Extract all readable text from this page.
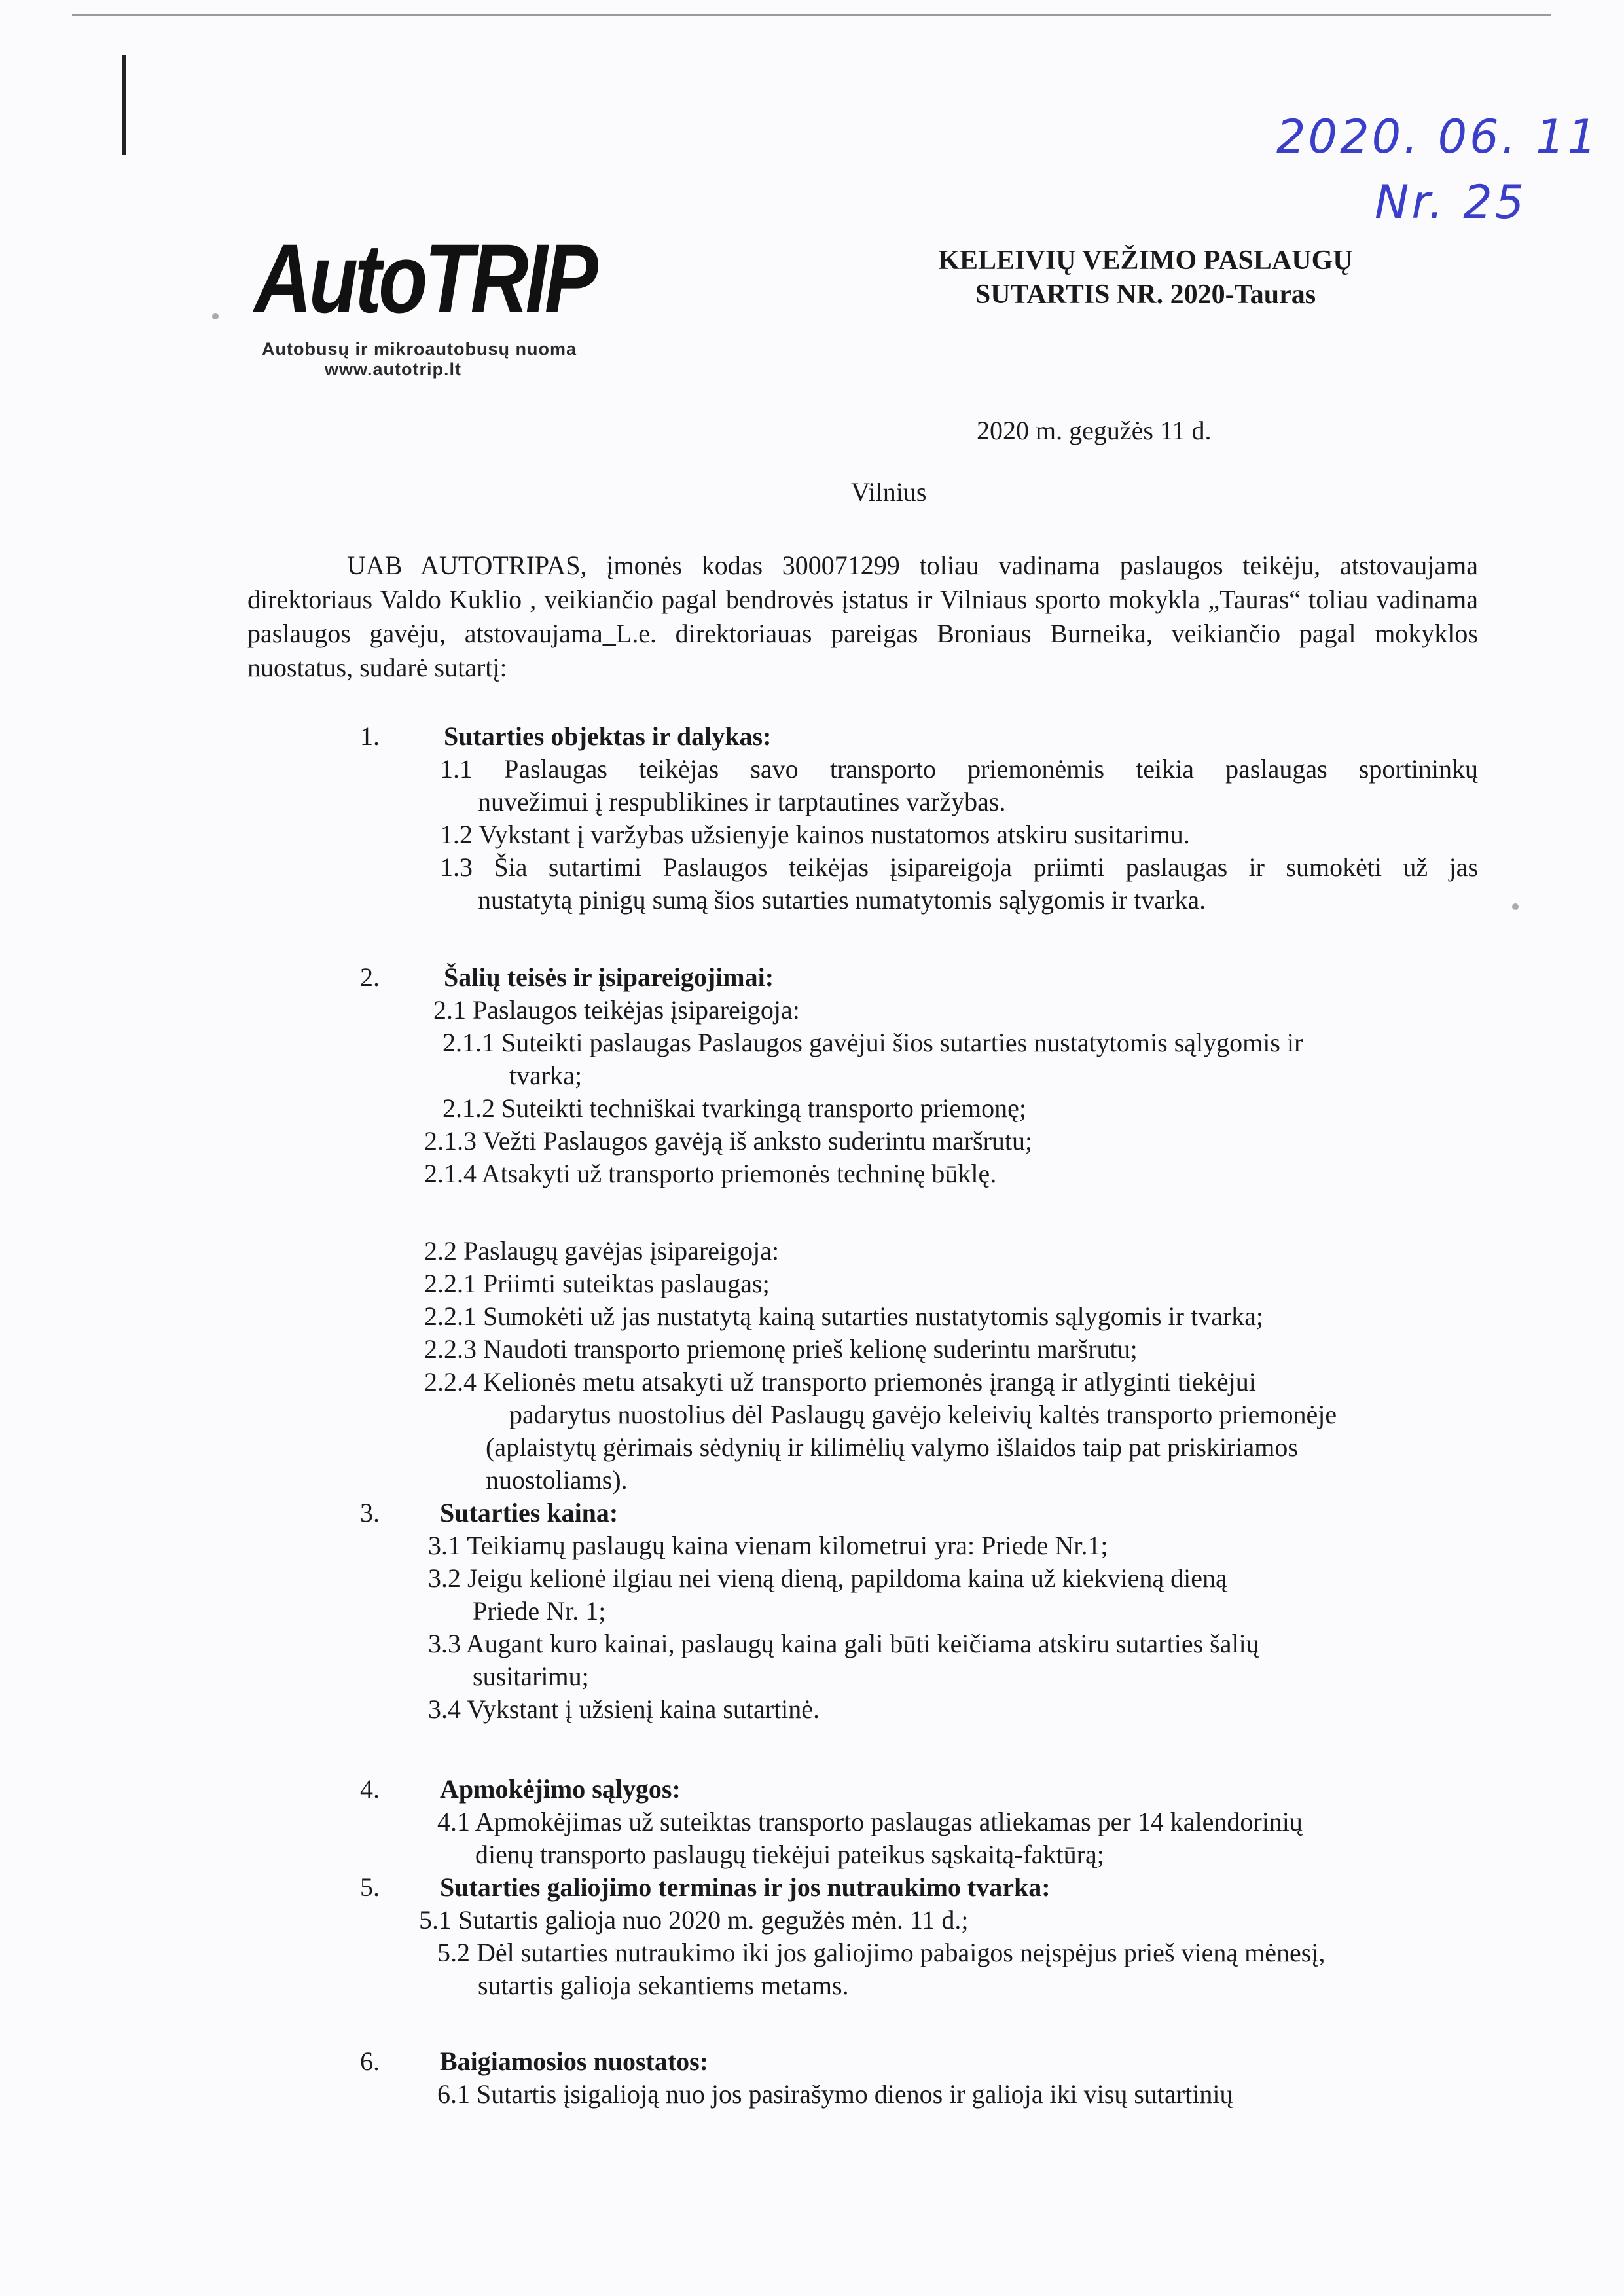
2020. 06. 11
Nr. 25
AutoTRIP
Autobusų ir mikroautobusų nuoma
www.autotrip.lt
KELEIVIŲ VEŽIMO PASLAUGŲ
SUTARTIS NR. 2020-Tauras
2020 m. gegužės 11 d.
Vilnius

UAB AUTOTRIPAS, įmonės kodas 300071299 toliau vadinama paslaugos teikėju, atstovaujama direktoriaus Valdo Kuklio , veikiančio pagal bendrovės įstatus ir Vilniaus sporto mokykla „Tauras“ toliau vadinama paslaugos gavėju, atstovaujama_L.e. direktoriauas pareigas Broniaus Burneika, veikiančio pagal mokyklos nuostatus, sudarė sutartį:

1. Sutarties objektas ir dalykas:
1.1 Paslaugas teikėjas savo transporto priemonėmis teikia paslaugas sportininkų
nuvežimui į respublikines ir tarptautines varžybas.
1.2 Vykstant į varžybas užsienyje kainos nustatomos atskiru susitarimu.
1.3 Šia sutartimi Paslaugos teikėjas įsipareigoja priimti paslaugas ir sumokėti už jas
nustatytą pinigų sumą šios sutarties numatytomis sąlygomis ir tvarka.
2. Šalių teisės ir įsipareigojimai:
2.1 Paslaugos teikėjas įsipareigoja:
2.1.1 Suteikti paslaugas Paslaugos gavėjui šios sutarties nustatytomis sąlygomis ir
tvarka;
2.1.2 Suteikti techniškai tvarkingą transporto priemonę;
2.1.3 Vežti Paslaugos gavėją iš anksto suderintu maršrutu;
2.1.4 Atsakyti už transporto priemonės techninę būklę.
2.2 Paslaugų gavėjas įsipareigoja:
2.2.1 Priimti suteiktas paslaugas;
2.2.1 Sumokėti už jas nustatytą kainą sutarties nustatytomis sąlygomis ir tvarka;
2.2.3 Naudoti transporto priemonę prieš kelionę suderintu maršrutu;
2.2.4 Kelionės metu atsakyti už transporto priemonės įrangą ir atlyginti tiekėjui
padarytus nuostolius dėl Paslaugų gavėjo keleivių kaltės transporto priemonėje
(aplaistytų gėrimais sėdynių ir kilimėlių valymo išlaidos taip pat priskiriamos
nuostoliams).
3. Sutarties kaina:
3.1 Teikiamų paslaugų kaina vienam kilometrui yra: Priede Nr.1;
3.2 Jeigu kelionė ilgiau nei vieną dieną, papildoma kaina už kiekvieną dieną
Priede Nr. 1;
3.3 Augant kuro kainai, paslaugų kaina gali būti keičiama atskiru sutarties šalių
susitarimu;
3.4 Vykstant į užsienį kaina sutartinė.
4. Apmokėjimo sąlygos:
4.1 Apmokėjimas už suteiktas transporto paslaugas atliekamas per 14 kalendorinių
dienų transporto paslaugų tiekėjui pateikus sąskaitą-faktūrą;
5. Sutarties galiojimo terminas ir jos nutraukimo tvarka:
5.1 Sutartis galioja nuo 2020 m. gegužės mėn. 11 d.;
5.2 Dėl sutarties nutraukimo iki jos galiojimo pabaigos neįspėjus prieš vieną mėnesį,
sutartis galioja sekantiems metams.
6. Baigiamosios nuostatos:
6.1 Sutartis įsigalioją nuo jos pasirašymo dienos ir galioja iki visų sutartinių
